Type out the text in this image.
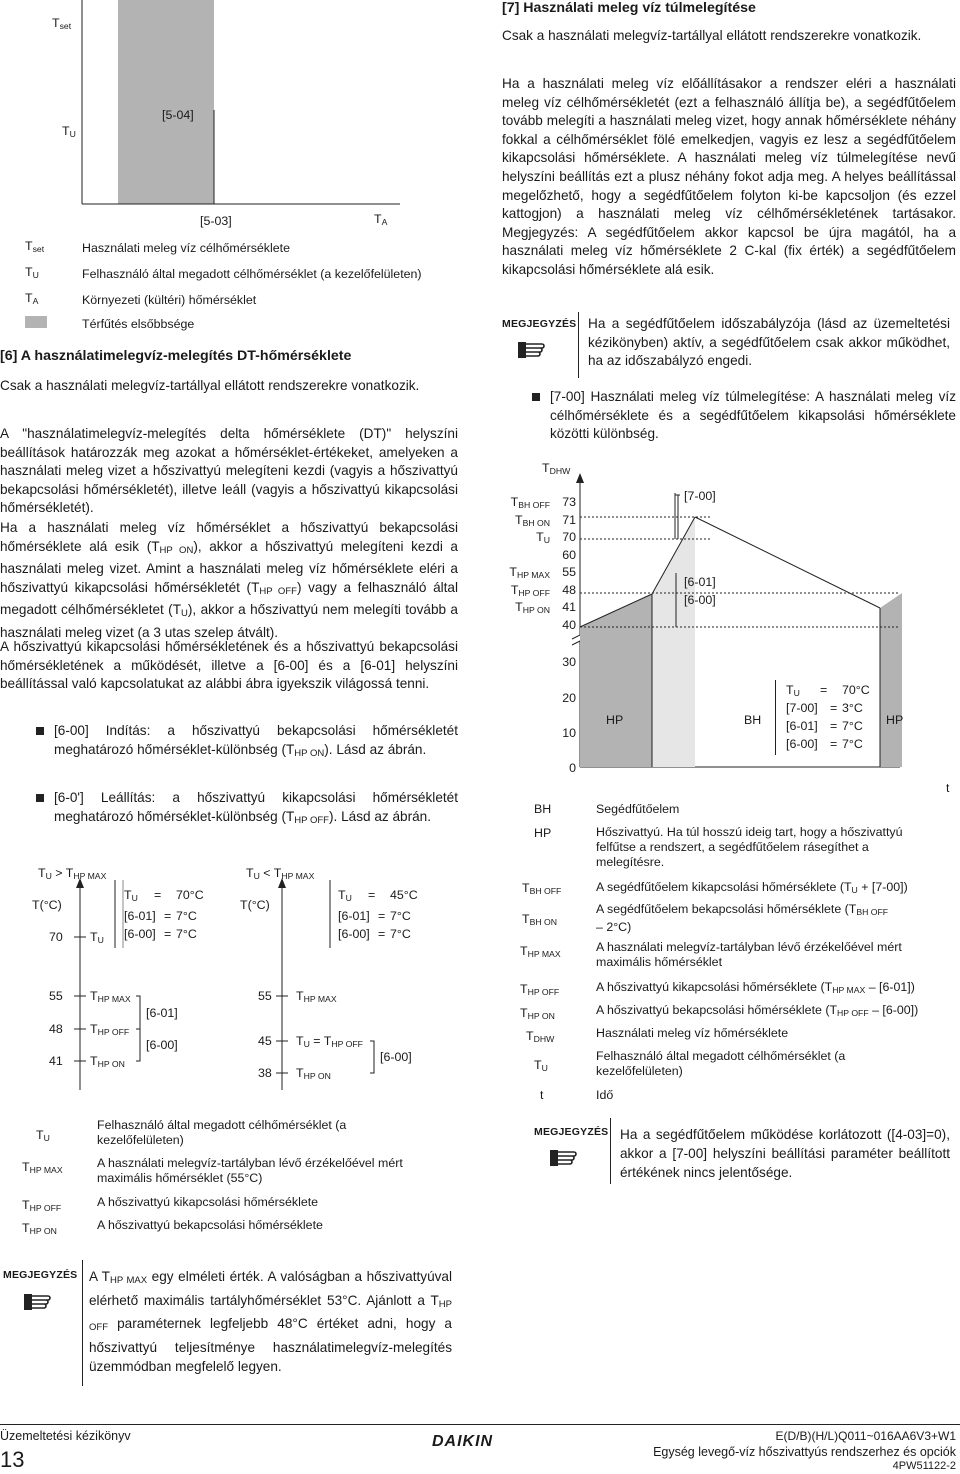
$T_{set}$
$T_U$
[5-04]
[5-03]	$T_A$
$T_{set}$	Használati meleg víz célhőmérséklete
$T_U$	Felhasználó által megadott célhőmérséklet (a kezelőfelületen)
$T_A$	Környezeti (kültéri) hőmérséklet
Térfűtés elsőbbsége
[6] A használatimelegvíz-melegítés DT-hőmérséklete
Csak a használati melegvíz-tartállyal ellátott rendszerekre vonatkozik.
A "használatimelegvíz-melegítés delta hőmérséklete (DT)" helyszíni beállítások határozzák meg azokat a hőmérséklet-értékeket, amelyeken a használati meleg vizet a hőszivattyú melegíteni kezdi (vagyis a hőszivattyú bekapcsolási hőmérsékletét), illetve leáll (vagyis a hőszivattyú kikapcsolási hőmérsékletét).
Ha a használati meleg víz hőmérséklet a hőszivattyú bekapcsolási hőmérséklete alá esik $(T_{HP ON})$, akkor a hőszivattyú melegíteni kezdi a használati meleg vizet. Amint a használati meleg víz hőmérséklete eléri a hőszivattyú kikapcsolási hőmérsékletét $(T_{HP OFF})$ vagy a felhasználó által megadott célhőmérsékletet $(T_U)$, akkor a hőszivattyú nem melegíti tovább a használati meleg vizet (a 3 utas szelep átvált).
A hőszivattyú kikapcsolási hőmérsékletének és a hőszivattyú bekapcsolási hőmérsékletének a működését, illetve a [6-00] és a [6-01] helyszíni beállítással való kapcsolatukat az alábbi ábra igyekszik világossá tenni.
[6-00] Indítás: a hőszivattyú bekapcsolási hőmérsékletét meghatározó hőmérséklet-különbség $(T_{HP ON})$. Lásd az ábrán.
[6-0'] Leállítás: a hőszivattyú kikapcsolási hőmérsékletét meghatározó hőmérséklet-különbség $(T_{HP OFF})$. Lásd az ábrán.
$T_U > T_{HP MAX}$
T(°C)
$T_U$	=	70°C
[6-01] = 7°C
[6-00] = 7°C
70
55
48
41
$T_U$
$T_{HP MAX}$
$T_{HP OFF}$
$T_{HP ON}$
[6-01]
[6-00]
$T_U < T_{HP MAX}$
T(°C)
$T_U$	=	45°C
[6-01] = 7°C
[6-00] = 7°C
55
45
38
$T_{HP MAX}$
$T_U = T_{HP OFF}$
$T_{HP ON}$
[6-00]
$T_U$
Felhasználó által megadott célhőmérséklet (a kezelőfelületen)
$T_{HP MAX}$	A használati melegvíz-tartályban lévő érzékelőével mért maximális hőmérséklet (55°C)
$T_{HP OFF}$	A hőszivattyú kikapcsolási hőmérséklete
$T_{HP ON}$	A hőszivattyú bekapcsolási hőmérséklete
MEGJEGYZÉS A $T_{HP MAX}$ egy elméleti érték. A valóságban a hőszivattyúval elérhető maximális tartályhőmérséklet 53°C. Ajánlott a $T_{HP OFF}$ paraméternek legfeljebb 48°C értéket adni, hogy a hőszivattyú teljesítménye használatimelegvíz-melegítés üzemmódban megfelelő legyen.
[7] Használati meleg víz túlmelegítése
Csak a használati melegvíz-tartállyal ellátott rendszerekre vonatkozik.
Ha a használati meleg víz előállításakor a rendszer eléri a használati meleg víz célhőmérsékletét (ezt a felhasználó állítja be), a segédfűtőelem tovább melegíti a használati meleg vizet, hogy annak hőmérséklete néhány fokkal a célhőmérséklet fölé emelkedjen, vagyis ez lesz a segédfűtőelem kikapcsolási hőmérséklete. A használati meleg víz túlmelegítése nevű helyszíni beállítás ezt a plusz néhány fokot adja meg. A helyes beállítással megelőzhető, hogy a segédfűtőelem folyton ki-be kapcsoljon (és ezzel kattogjon) a használati meleg víz célhőmérsékletének tartásakor. Megjegyzés: A segédfűtőelem akkor kapcsol be újra magától, ha a használati meleg víz hőmérséklete 2 C-kal (fix érték) a segédfűtőelem kikapcsolási hőmérséklete alá esik.
MEGJEGYZÉS Ha a segédfűtőelem időszabályzója (lásd az üzemeltetési kézikönyben) aktív, a segédfűtőelem csak akkor működhet, ha az időszabályzó engedi.
[7-00] Használati meleg víz túlmelegítése: A használati meleg víz célhőmérséklete és a segédfűtőelem kikapsolási hőmérséklete közötti különbség.
$T_{DHW}$
$T_{BH OFF}$ 73
$T_{BH ON}$ 71
$T_U$ 70
60
$T_{HP MAX}$ 55
$T_{HP OFF}$ 48
$T_{HP ON}$ 41
40
30
20
10
0
[7-00]
[6-01]
[6-00]
HP	BH	HP
t
$T_U$	=	70°C
[7-00] = 3°C
[6-01] = 7°C
[6-00] = 7°C
BH	Segédfűtőelem
HP	Hőszivattyú. Ha túl hosszú ideig tart, hogy a hőszivattyú felfűtse a rendszert, a segédfűtőelem rásegíthet a melegítésre.
$T_{BH OFF}$	A segédfűtőelem kikapcsolási hőmérséklete $(T_U + [7-00])$
$T_{BH ON}$
A segédfűtőelem bekapcsolási hőmérséklete $(T_{BH OFF} - 2^\circ C)$
$T_{HP MAX}$	A használati melegvíz-tartályban lévő érzékelőével mért maximális hőmérséklet
$T_{HP OFF}$	A hőszivattyú kikapcsolási hőmérséklete $(T_{HP MAX} - [6-01])$
$T_{HP ON}$	A hőszivattyú bekapcsolási hőmérséklete $(T_{HP OFF} - [6-00])$
$T_{DHW}$	Használati meleg víz hőmérséklete
$T_U$
Felhasználó által megadott célhőmérséklet (a kezelőfelületen)
t	Idő
MEGJEGYZÉS Ha a segédfűtőelem működése korlátozott ([4-03]=0), akkor a [7-00] helyszíni beállítási paraméter beállított értékének nincs jelentősége.
Üzemeltetési kézikönyv
13
DAIKIN	E(D/B)(H/L)Q011~016AA6V3+W1
Egység levegő-víz hőszivattyús rendszerhez és opciók
4PW51122-2
